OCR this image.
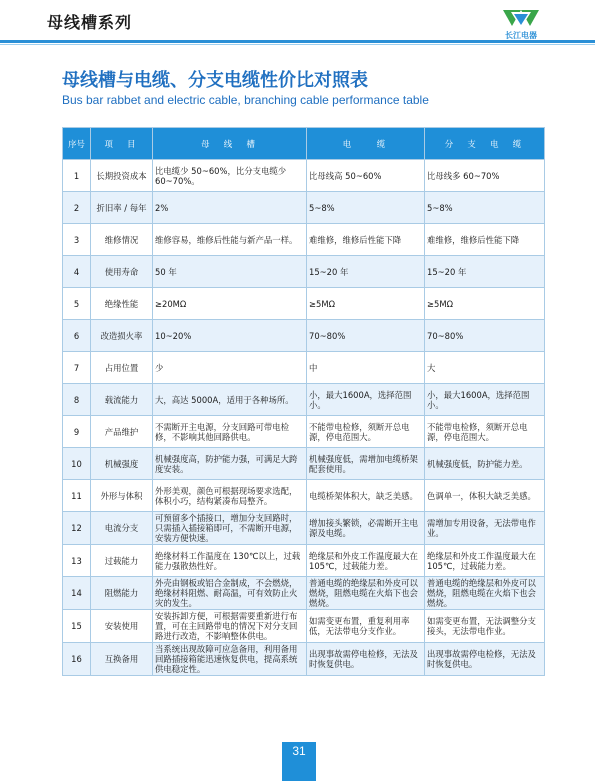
母线槽系列
长江电器
母线槽与电缆、分支电缆性价比对照表
Bus bar rabbet and electric cable, branching cable performance table
序号	项　目	母　线　槽	电　　缆	分　支　电　缆
1	长期投资成本	比电缆少 50~60%，比分支电缆少 60~70%。	比母线高 50~60%	比母线多 60~70%
2	折旧率 / 每年	2%	5~8%	5~8%
3	维修情况	维修容易，维修后性能与新产品一样。	难维修，维修后性能下降	难维修，维修后性能下降
4	使用寿命	50 年	15~20 年	15~20 年
5	绝缘性能	≥20MΩ	≥5MΩ	≥5MΩ
6	改造损火率	10~20%	70~80%	70~80%
7	占用位置	少	中	大
8	载流能力	大，高达 5000A，适用于各种场所。	小，最大1600A，选择范围小。	小，最大1600A，选择范围小。
9	产品维护	不需断开主电源，分支回路可带电检修，不影响其他回路供电。	不能带电检修，须断开总电源，停电范围大。	不能带电检修，须断开总电源，停电范围大。
10	机械强度	机械强度高，防护能力强，可满足大跨度安装。	机械强度低，需增加电缆桥架配套使用。	机械强度低，防护能力差。
11	外形与体积	外形美观，颜色可根据现场要求选配，体积小巧，结构紧凑布局整齐。	电缆桥架体积大，缺乏美感。	色调单一，体积大缺乏美感。
12	电流分支	可预留多个插接口，增加分支回路时，只需插入插接箱即可，不需断开电源，安装方便快速。	增加接头繁锁，必需断开主电源及电缆。	需增加专用设备，无法带电作业。
13	过载能力	绝缘材料工作温度在 130℃以上，过载能力强散热性好。	绝缘层和外皮工作温度最大在 105℃，过载能力差。	绝缘层和外皮工作温度最大在 105℃，过载能力差。
14	阻燃能力	外壳由钢板或铝合金制成，不会燃烧，绝缘材料阻燃、耐高温，可有效防止火灾的发生。	普通电缆的绝缘层和外皮可以燃烧，阻燃电缆在火焰下也会燃烧。	普通电缆的绝缘层和外皮可以燃烧，阻燃电缆在火焰下也会燃烧。
15	安装使用	安装拆卸方便，可根据需要重新进行布置，可在主回路带电的情况下对分支回路进行改造，不影响整体供电。	如需变更布置，重复利用率低，无法带电分支作业。	如需变更布置，无法调整分支接头，无法带电作业。
16	互换备用	当系统出现故障可应急备用，利用备用回路插接箱能迅速恢复供电，提高系统供电稳定性。	出现事故需停电检修，无法及时恢复供电。	出现事故需停电检修，无法及时恢复供电。
31
